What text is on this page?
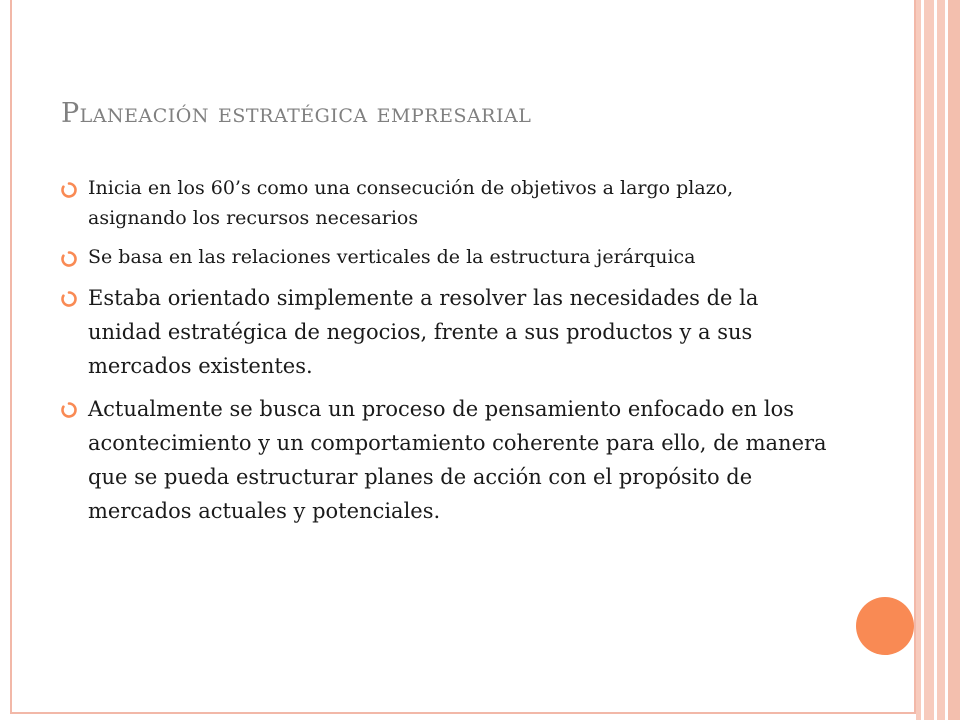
Planeación estratégica empresarial
Inicia en los 60’s como una consecución de objetivos a largo plazo, asignando los recursos necesarios
Se basa en las relaciones verticales de la estructura jerárquica
Estaba orientado simplemente a resolver las necesidades de la unidad estratégica de negocios, frente a sus productos y a sus mercados existentes.
Actualmente se busca un proceso de pensamiento enfocado en los acontecimiento y un comportamiento coherente para ello, de manera que se pueda estructurar planes de acción con el propósito de mercados actuales y potenciales.
